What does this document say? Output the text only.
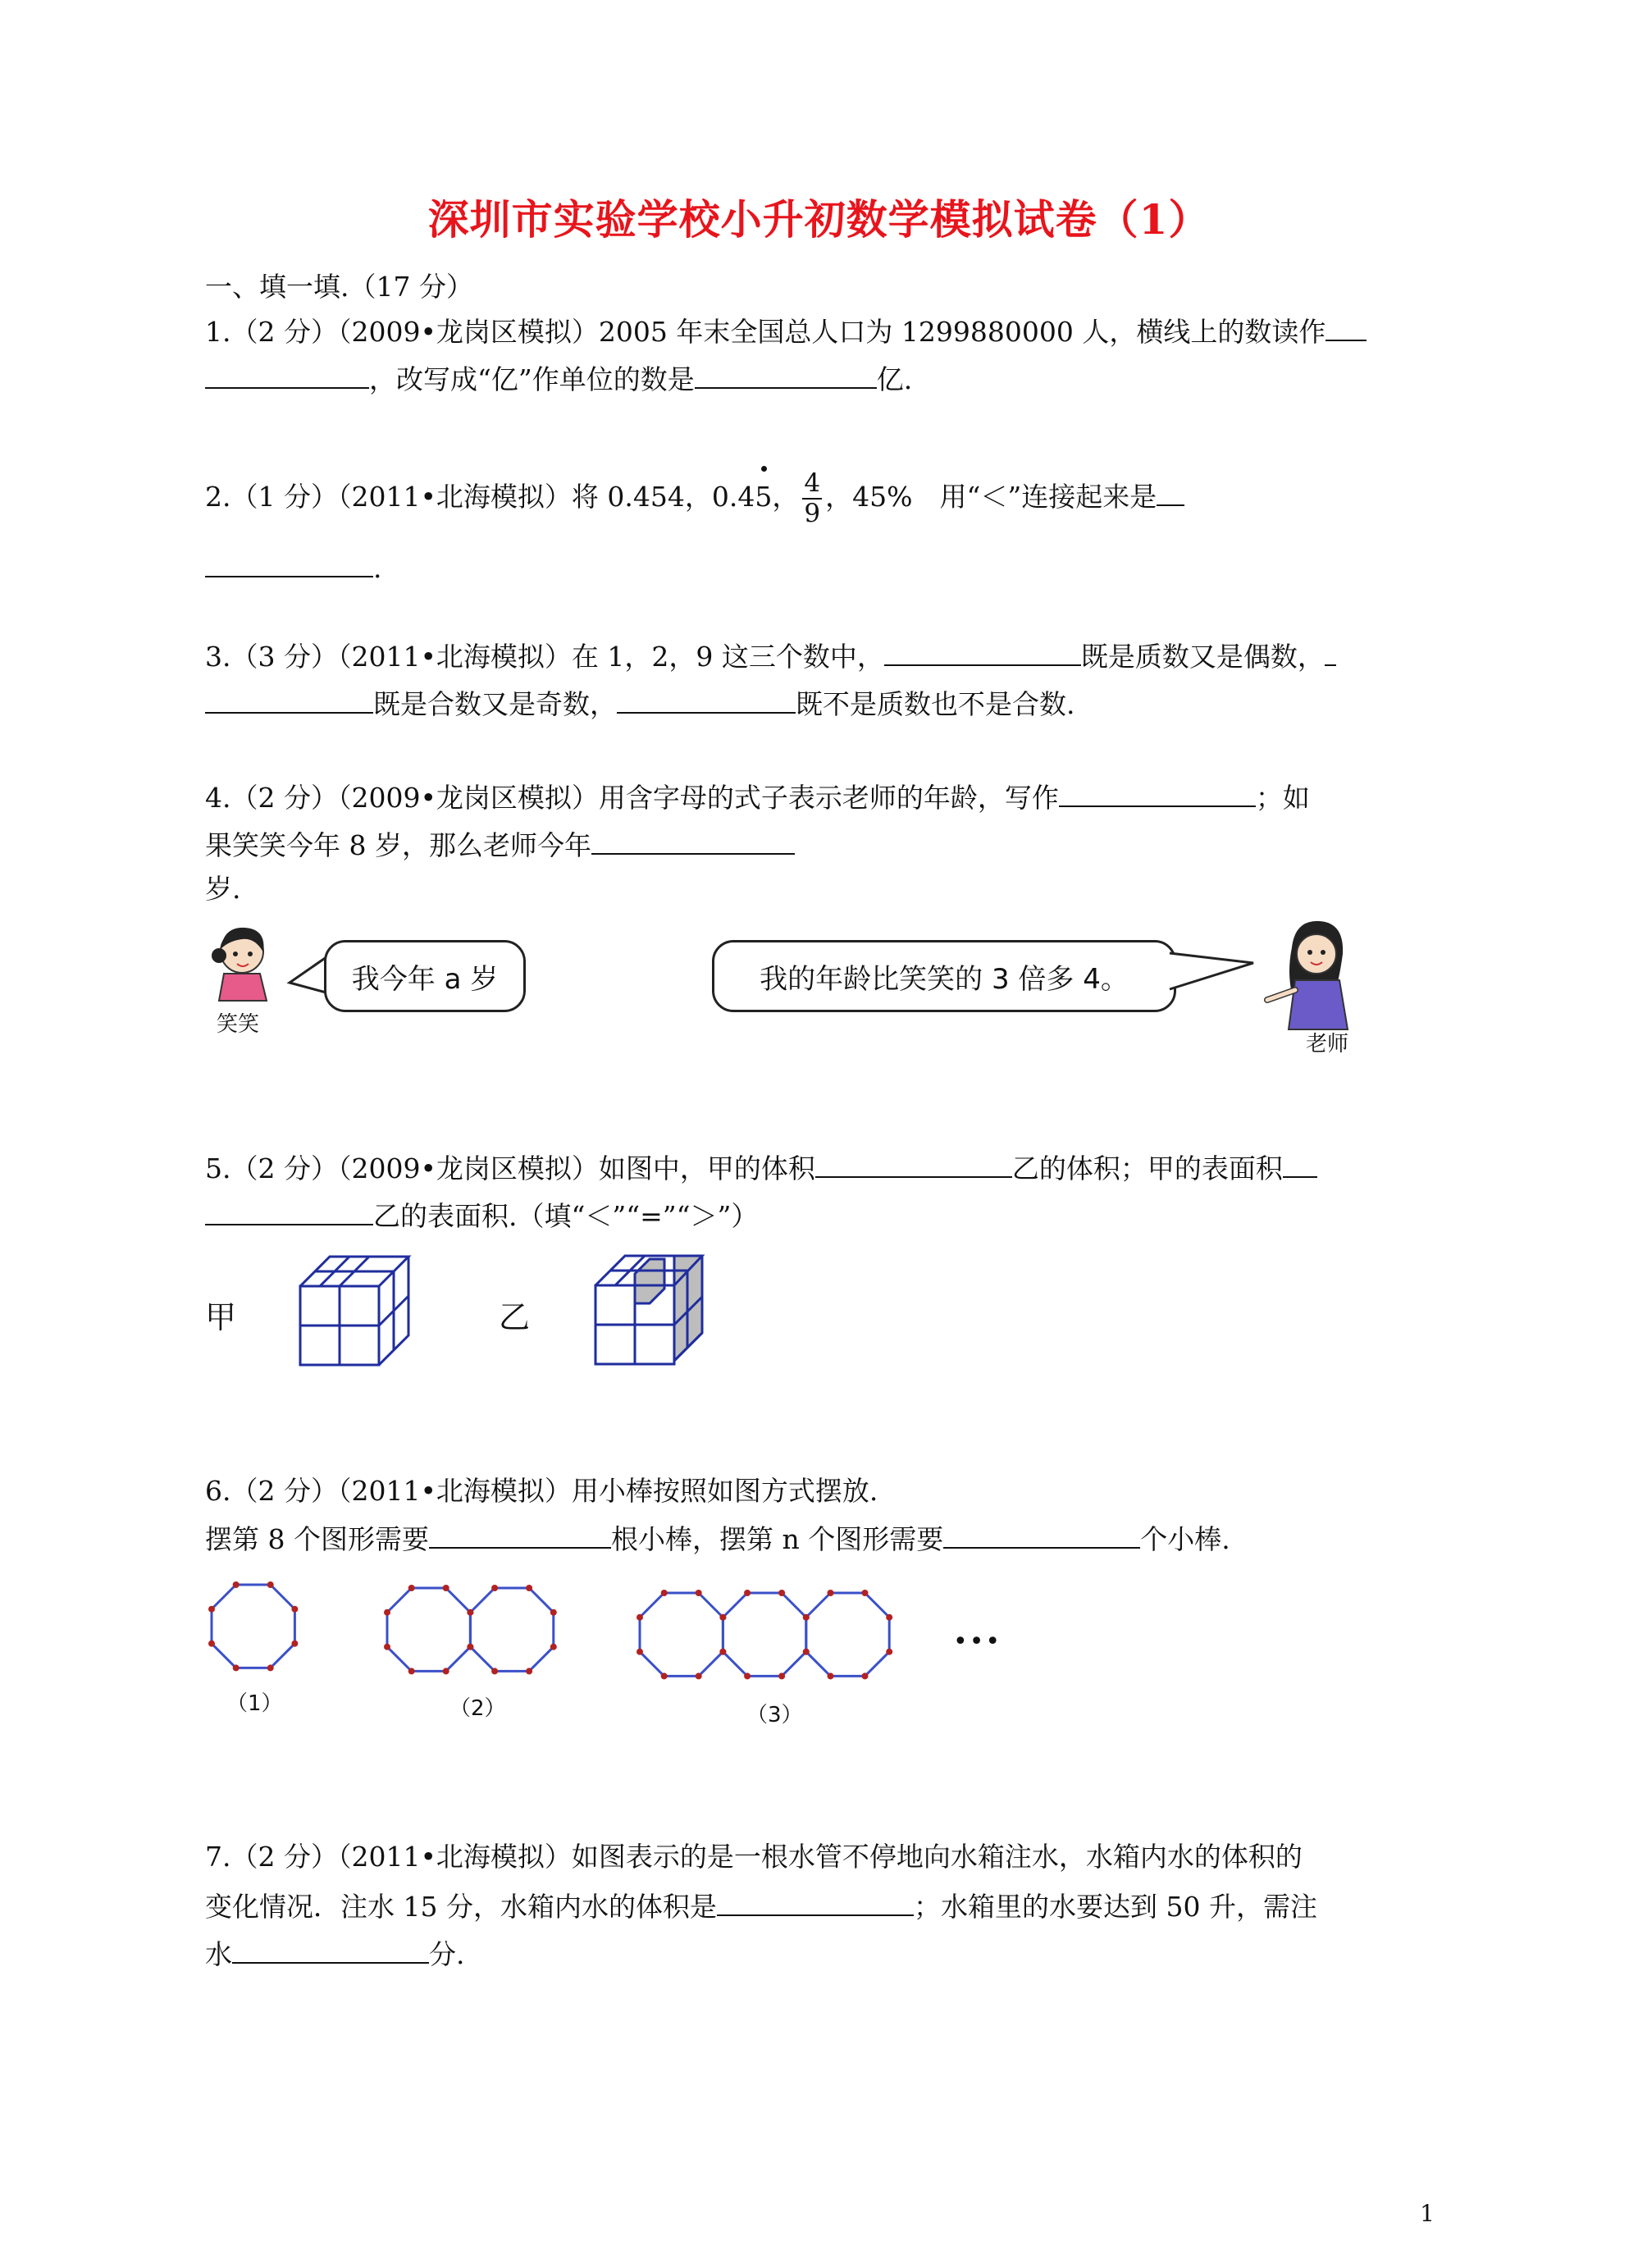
深圳市实验学校小升初数学模拟试卷（1）
一、填一填.（17 分）
1.（2 分）（2009•龙岗区模拟）2005 年末全国总人口为 1299880000 人，横线上的数读作
，改写成“亿”作单位的数是	亿.
2.（1 分）（2011•北海模拟）将 0.454，0.45， $\frac{4}{9}$ ，45%　用“＜”连接起来是
.
3.（3 分）（2011•北海模拟）在 1，2，9 这三个数中，	既是质数又是偶数，
既是合数又是奇数，	既不是质数也不是合数.
4.（2 分）（2009•龙岗区模拟）用含字母的式子表示老师的年龄，写作	；如
果笑笑今年 8 岁，那么老师今年
岁.
笑笑
我今年 a 岁	我的年龄比笑笑的 3 倍多 4。
老师
5.（2 分）（2009•龙岗区模拟）如图中，甲的体积	乙的体积；甲的表面积
乙的表面积.（填“＜”“=”“＞”）
甲	乙
6.（2 分）（2011•北海模拟）用小棒按照如图方式摆放.
摆第 8 个图形需要	根小棒，摆第 n 个图形需要	个小棒.
（1）	（2）	（3）
•••
7.（2 分）（2011•北海模拟）如图表示的是一根水管不停地向水箱注水，水箱内水的体积的
变化情况．注水 15 分，水箱内水的体积是	；水箱里的水要达到 50 升，需注
水	分.
1
